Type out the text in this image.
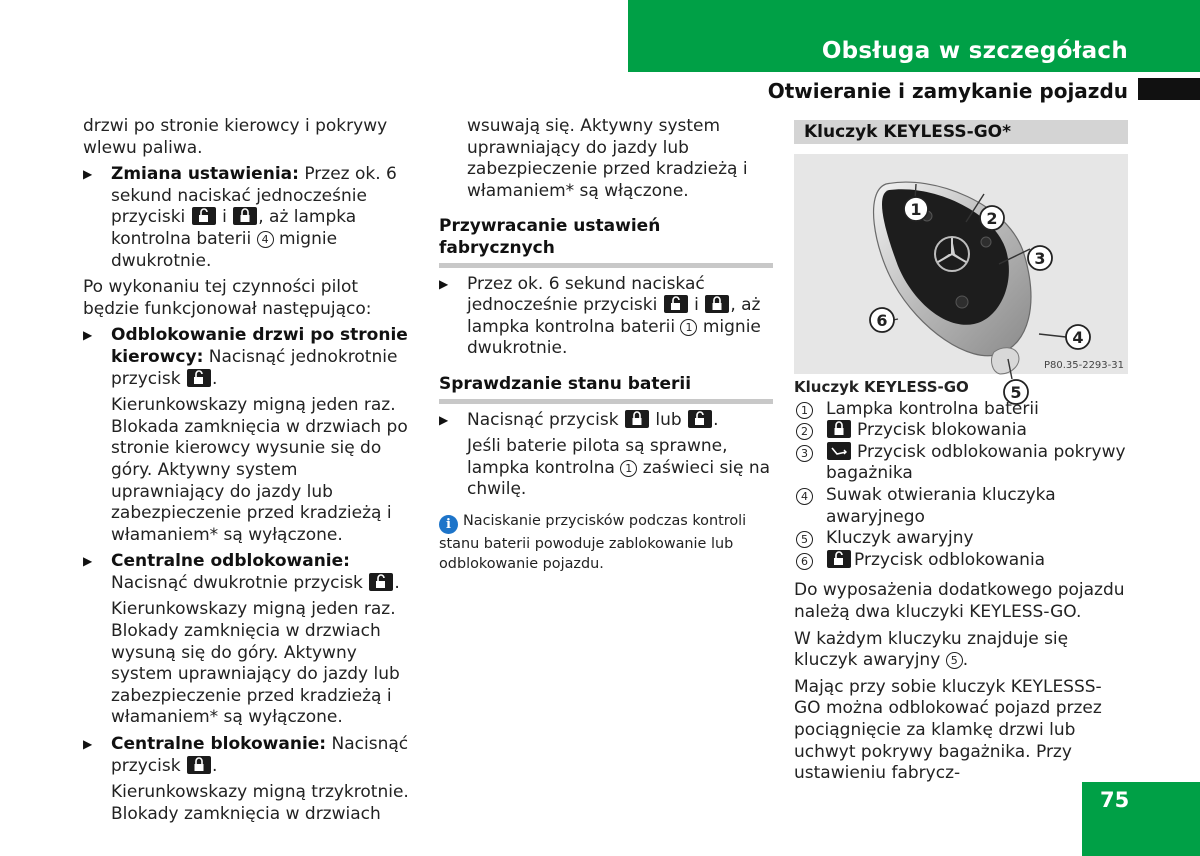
Obsługa w szczegółach
Otwieranie i zamykanie pojazdu

drzwi po stronie kierowcy i pokrywy wlewu paliwa.

▶ Zmiana ustawienia: Przez ok. 6 sekund naciskać jednocześnie przyciski i , aż lampka kontrolna baterii 4 mignie dwukrotnie.

Po wykonaniu tej czynności pilot będzie funkcjonował następująco:

▶ Odblokowanie drzwi po stronie kierowcy: Nacisnąć jednokrotnie przycisk .

Kierunkowskazy migną jeden raz. Blokada zamknięcia w drzwiach po stronie kierowcy wysunie się do góry. Aktywny system uprawniający do jazdy lub zabezpieczenie przed kradzieżą i włamaniem* są wyłączone.

▶ Centralne odblokowanie: Nacisnąć dwukrotnie przycisk .

Kierunkowskazy migną jeden raz. Blokady zamknięcia w drzwiach wysuną się do góry. Aktywny system uprawniający do jazdy lub zabezpieczenie przed kradzieżą i włamaniem* są wyłączone.

▶ Centralne blokowanie: Nacisnąć przycisk .

Kierunkowskazy migną trzykrotnie. Blokady zamknięcia w drzwiach

wsuwają się. Aktywny system uprawniający do jazdy lub zabezpieczenie przed kradzieżą i włamaniem* są włączone.

Przywracanie ustawień fabrycznych
▶ Przez ok. 6 sekund naciskać jednocześnie przyciski i , aż lampka kontrolna baterii 1 mignie dwukrotnie.
Sprawdzanie stanu baterii
▶ Nacisnąć przycisk lub .

Jeśli baterie pilota są sprawne, lampka kontrolna 1 zaświeci się na chwilę.

i Naciskanie przycisków podczas kontroli stanu baterii powoduje zablokowanie lub odblokowanie pojazdu.
Kluczyk KEYLESS-GO*
1	2
3
4
5
6
P80.35-2293-31
Kluczyk KEYLESS-GO
1 Lampka kontrolna baterii
2	Przycisk blokowania
3	Przycisk odblokowania pokrywy bagażnika
4 Suwak otwierania kluczyka awaryjnego
5 Kluczyk awaryjny
6	Przycisk odblokowania

Do wyposażenia dodatkowego pojazdu należą dwa kluczyki KEYLESS-GO.

W każdym kluczyku znajduje się kluczyk awaryjny 5 .

Mając przy sobie kluczyk KEYLESSS-GO można odblokować pojazd przez pociągnięcie za klamkę drzwi lub uchwyt pokrywy bagażnika. Przy ustawieniu fabrycz-

75
